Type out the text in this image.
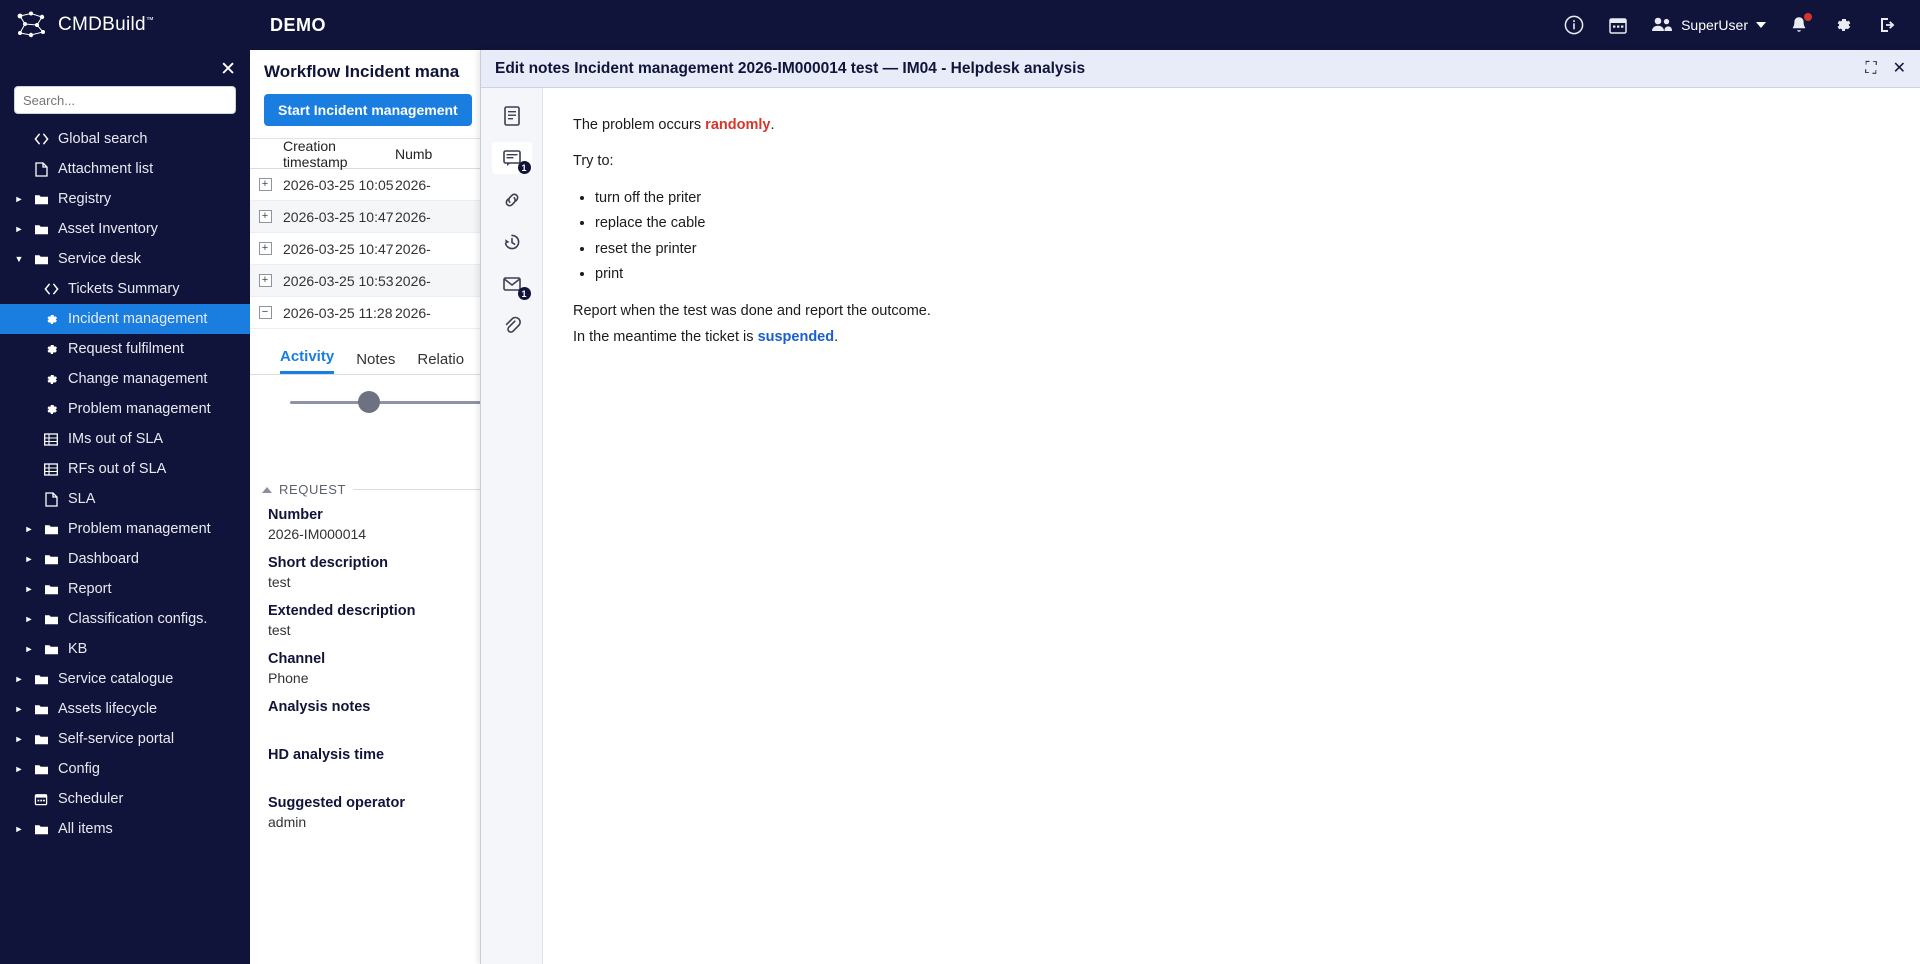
CMDBuild™	DEMO	SuperUser
✕
Search...
Global search
Attachment list
► Registry
► Asset Inventory
▼ Service desk
Tickets Summary
Incident management
Request fulfilment
Change management
Problem management
IMs out of SLA
RFs out of SLA
SLA
► Problem management
► Dashboard
► Report
► Classification configs.
► KB
► Service catalogue
► Assets lifecycle
► Self-service portal
► Config
Scheduler
► All items
Workflow Incident mana
Start Incident management
Creation timestamp	Numb
+ 2026-03-25 10:05 2026-
+ 2026-03-25 10:47 2026-
+ 2026-03-25 10:47 2026-
+ 2026-03-25 10:53 2026-
− 2026-03-25 11:28 2026-
Activity Notes Relatio
REQUEST
Number
2026-IM000014
Short description
test
Extended description
test
Channel
Phone
Analysis notes
HD analysis time
Suggested operator
admin
Edit notes Incident management 2026-IM000014 test — IM04 - Helpdesk analysis	⛶ ✕
1
1

The problem occurs randomly.

Try to:

• turn off the priter
• replace the cable
• reset the printer
• print

Report when the test was done and report the outcome.

In the meantime the ticket is suspended.
